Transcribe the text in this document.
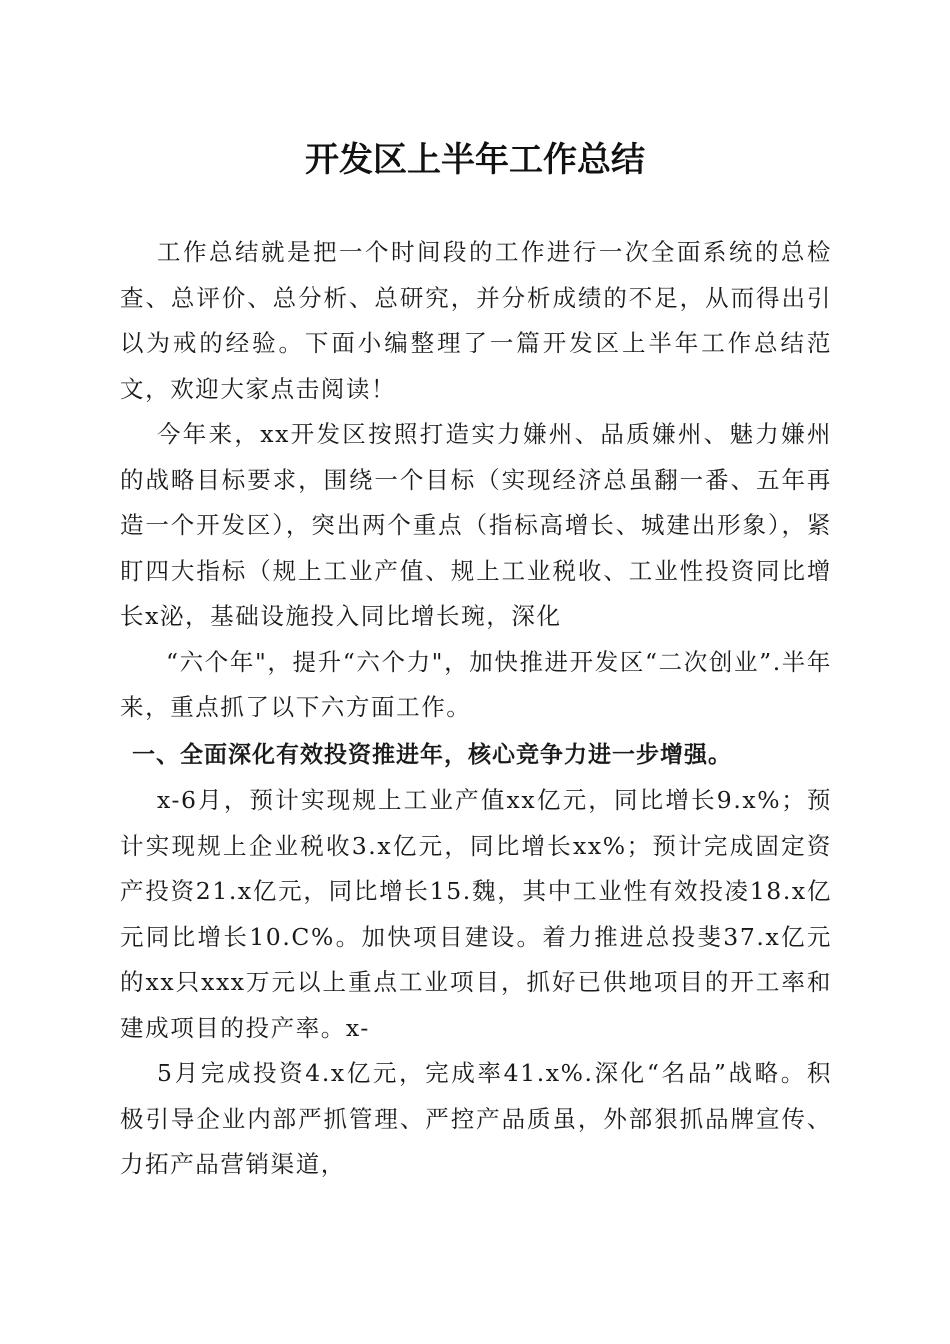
开发区上半年工作总结

工作总结就是把一个时间段的工作进行一次全面系统的总检查、总评价、总分析、总研究，并分析成绩的不足，从而得出引以为戒的经验。下面小编整理了一篇开发区上半年工作总结范文，欢迎大家点击阅读！

今年来，xx开发区按照打造实力嫌州、品质嫌州、魅力嫌州的战略目标要求，围绕一个目标（实现经济总虽翻一番、五年再造一个开发区），突出两个重点（指标高增长、城建出形象），紧盯四大指标（规上工业产值、规上工业税收、工业性投资同比增长x泌，基础设施投入同比增长琬，深化

“六个年"，提升“六个力"，加快推进开发区“二次创业”.半年来，重点抓了以下六方面工作。

一、全面深化有效投资推进年，核心竞争力进一步增强。

x-6月，预计实现规上工业产值xx亿元，同比增长9.x%；预计实现规上企业税收3.x亿元，同比增长xx%；预计完成固定资产投资21.x亿元，同比增长15.魏，其中工业性有效投凌18.x亿元同比增长10.C%。加快项目建设。着力推进总投斐37.x亿元的xx只xxx万元以上重点工业项目，抓好已供地项目的开工率和建成项目的投产率。x-

5月完成投资4.x亿元，完成率41.x%.深化“名品”战略。积极引导企业内部严抓管理、严控产品质虽，外部狠抓品牌宣传、力拓产品营销渠道，
